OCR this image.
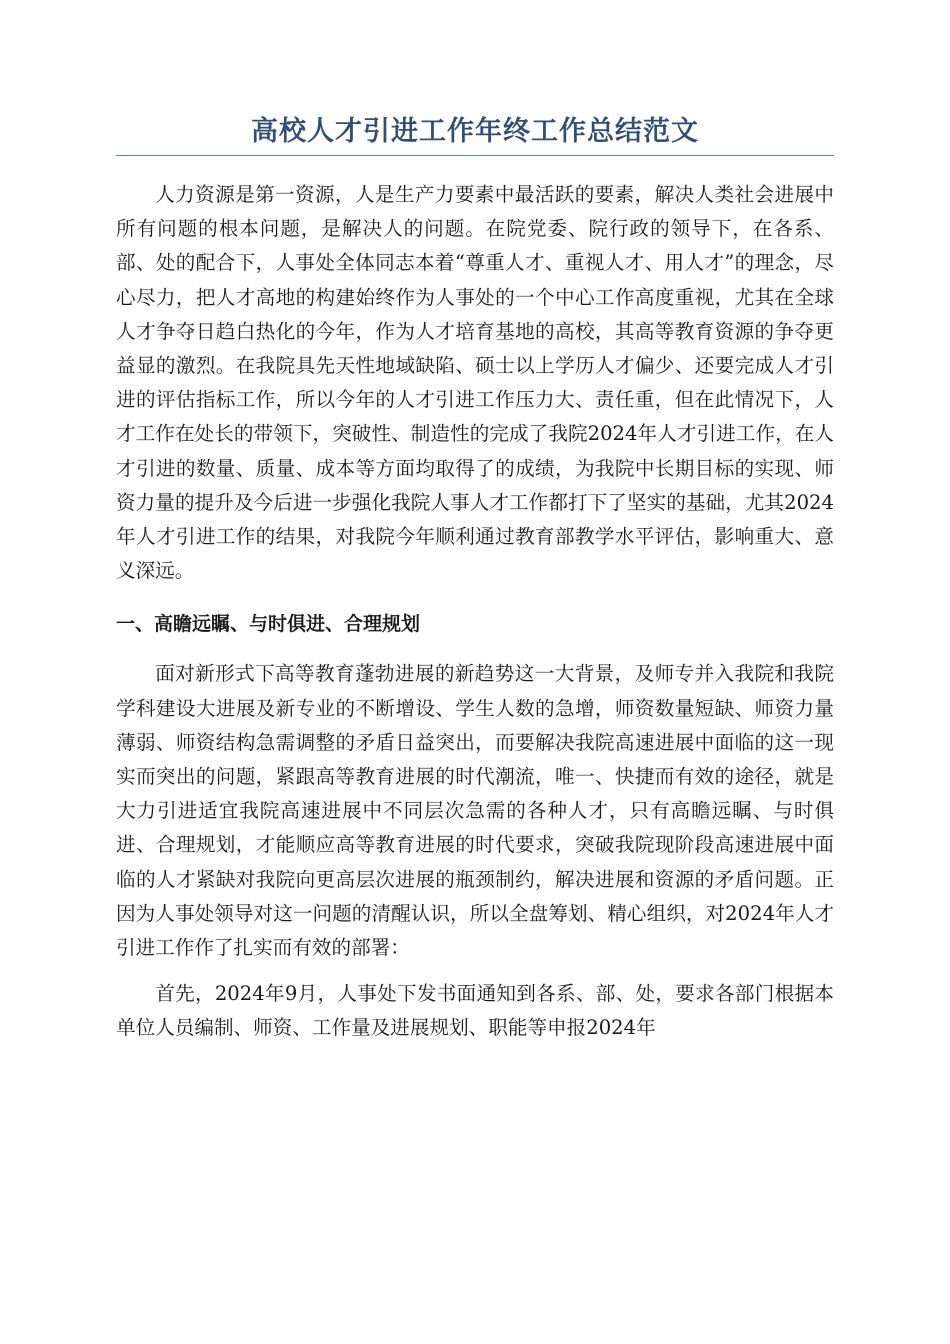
高校人才引进工作年终工作总结范文

人力资源是第一资源，人是生产力要素中最活跃的要素，解决人类社会进展中所有问题的根本问题，是解决人的问题。在院党委、院行政的领导下，在各系、部、处的配合下，人事处全体同志本着“尊重人才、重视人才、用人才”的理念，尽心尽力，把人才高地的构建始终作为人事处的一个中心工作高度重视，尤其在全球人才争夺日趋白热化的今年，作为人才培育基地的高校，其高等教育资源的争夺更益显的激烈。在我院具先天性地域缺陷、硕士以上学历人才偏少、还要完成人才引进的评估指标工作，所以今年的人才引进工作压力大、责任重，但在此情况下，人才工作在处长的带领下，突破性、制造性的完成了我院2024年人才引进工作，在人才引进的数量、质量、成本等方面均取得了的成绩，为我院中长期目标的实现、师资力量的提升及今后进一步强化我院人事人才工作都打下了坚实的基础，尤其2024年人才引进工作的结果，对我院今年顺利通过教育部教学水平评估，影响重大、意义深远。

一、高瞻远瞩、与时俱进、合理规划

面对新形式下高等教育蓬勃进展的新趋势这一大背景，及师专并入我院和我院学科建设大进展及新专业的不断增设、学生人数的急增，师资数量短缺、师资力量薄弱、师资结构急需调整的矛盾日益突出，而要解决我院高速进展中面临的这一现实而突出的问题，紧跟高等教育进展的时代潮流，唯一、快捷而有效的途径，就是大力引进适宜我院高速进展中不同层次急需的各种人才，只有高瞻远瞩、与时俱进、合理规划，才能顺应高等教育进展的时代要求，突破我院现阶段高速进展中面临的人才紧缺对我院向更高层次进展的瓶颈制约，解决进展和资源的矛盾问题。正因为人事处领导对这一问题的清醒认识，所以全盘筹划、精心组织，对2024年人才引进工作作了扎实而有效的部署：

首先，2024年9月，人事处下发书面通知到各系、部、处，要求各部门根据本单位人员编制、师资、工作量及进展规划、职能等申报2024年
